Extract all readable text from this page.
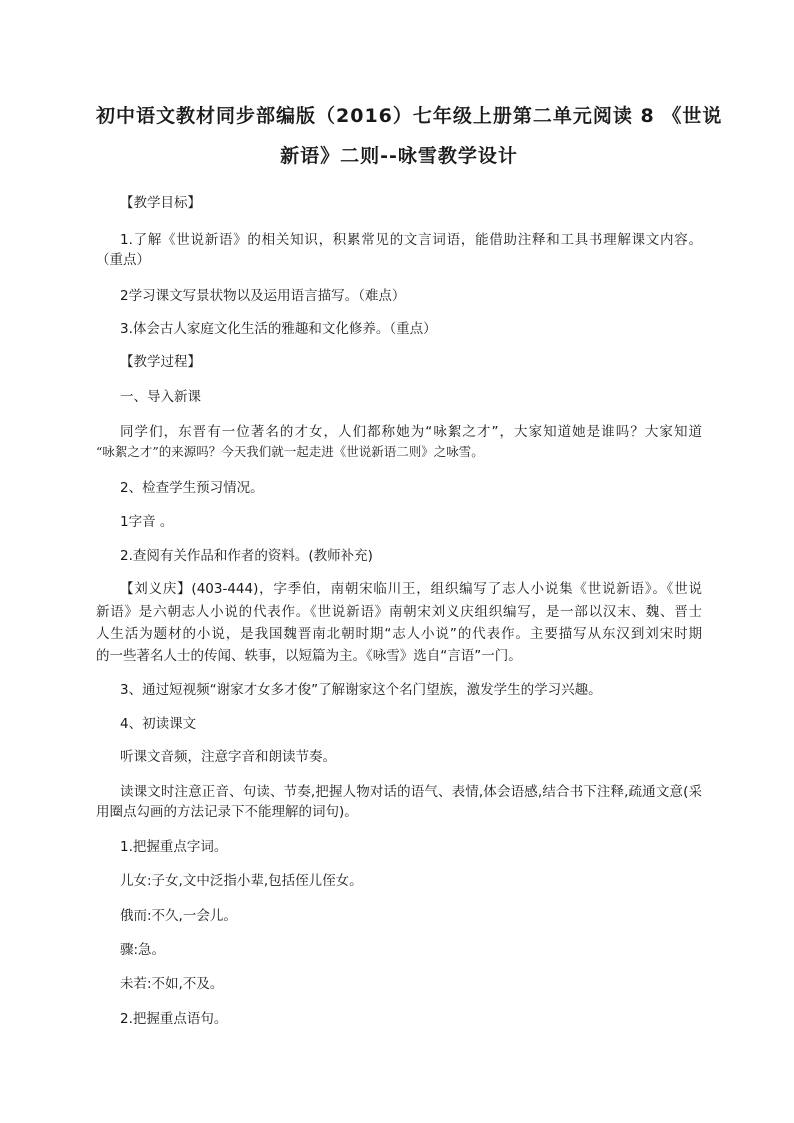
初中语文教材同步部编版（2016）七年级上册第二单元阅读 8 《世说
新语》二则--咏雪教学设计
【教学目标】
1.了解《世说新语》的相关知识，积累常见的文言词语，能借助注释和工具书理解课文内容。
（重点）
2学习课文写景状物以及运用语言描写。（难点）
3.体会古人家庭文化生活的雅趣和文化修养。（重点）
【教学过程】
一、导入新课
同学们，东晋有一位著名的才女，人们都称她为“咏絮之才”，大家知道她是谁吗？大家知道
“咏絮之才”的来源吗？今天我们就一起走进《世说新语二则》之咏雪。
2、检查学生预习情况。
1字音 。
2.查阅有关作品和作者的资料。(教师补充)
【刘义庆】(403-444)，字季伯，南朝宋临川王，组织编写了志人小说集《世说新语》。《世说
新语》是六朝志人小说的代表作。《世说新语》南朝宋刘义庆组织编写，是一部以汉末、魏、晋士
人生活为题材的小说，是我国魏晋南北朝时期“志人小说”的代表作。主要描写从东汉到刘宋时期
的一些著名人士的传闻、轶事，以短篇为主。《咏雪》选自“言语”一门。
3、通过短视频“谢家才女多才俊”了解谢家这个名门望族，激发学生的学习兴趣。
4、初读课文
听课文音频，注意字音和朗读节奏。
读课文时注意正音、句读、节奏,把握人物对话的语气、表情,体会语感,结合书下注释,疏通文意(采
用圈点勾画的方法记录下不能理解的词句)。
1.把握重点字词。
儿女:子女,文中泛指小辈,包括侄儿侄女。
俄而:不久,一会儿。
骤:急。
未若:不如,不及。
2.把握重点语句。
